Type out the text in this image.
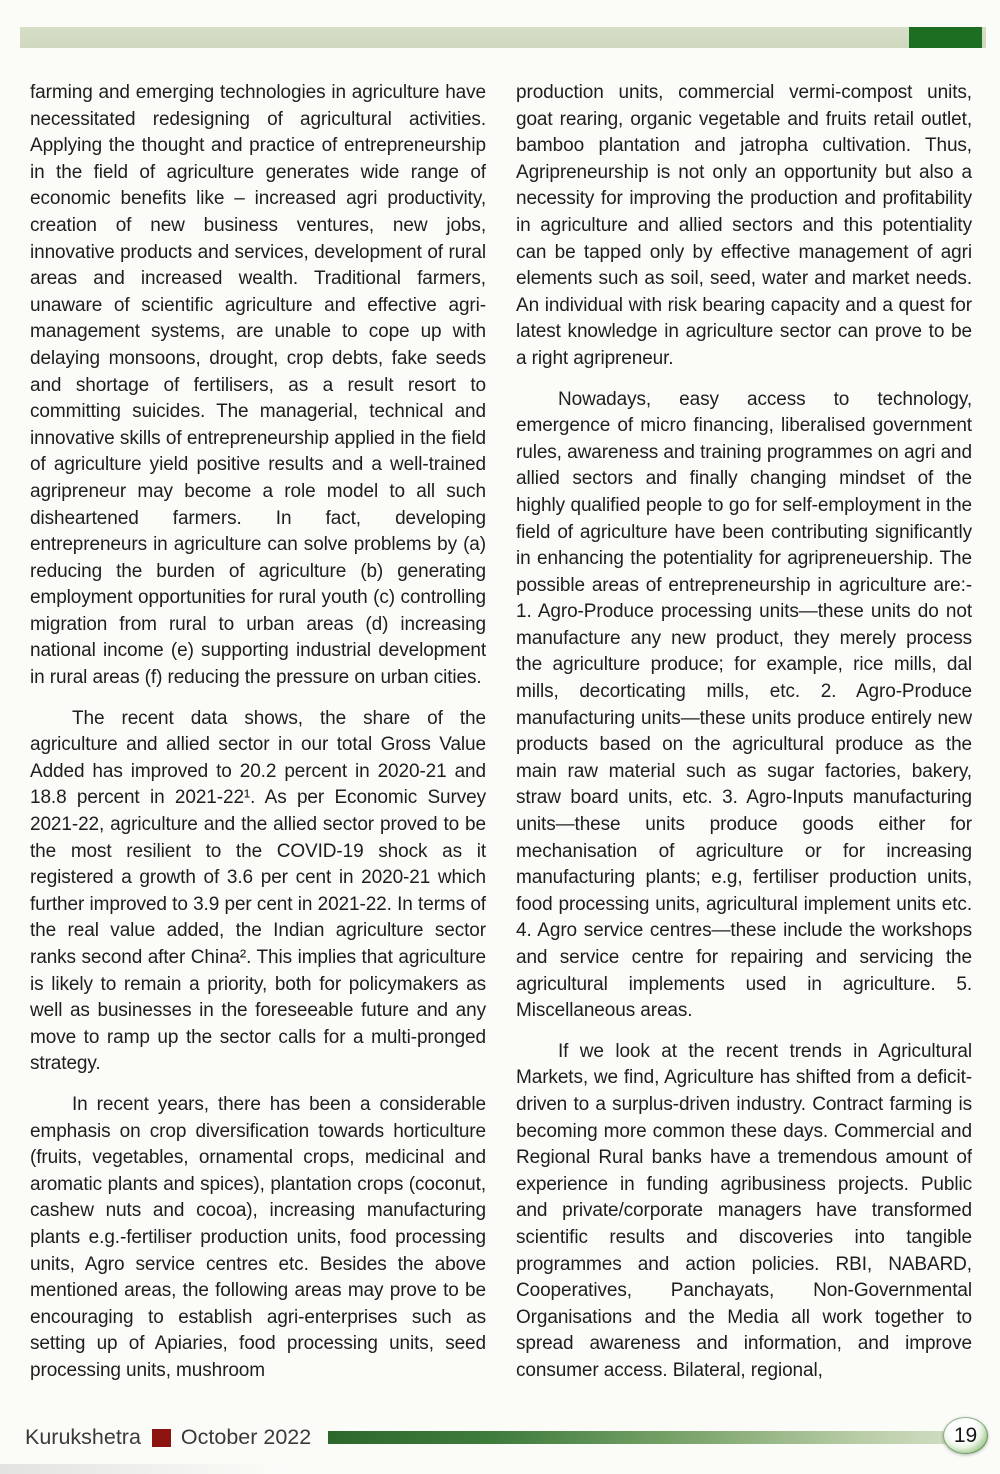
farming and emerging technologies in agriculture have necessitated redesigning of agricultural activities. Applying the thought and practice of entrepreneurship in the field of agriculture generates wide range of economic benefits like – increased agri productivity, creation of new business ventures, new jobs, innovative products and services, development of rural areas and increased wealth. Traditional farmers, unaware of scientific agriculture and effective agri-management systems, are unable to cope up with delaying monsoons, drought, crop debts, fake seeds and shortage of fertilisers, as a result resort to committing suicides. The managerial, technical and innovative skills of entrepreneurship applied in the field of agriculture yield positive results and a well-trained agripreneur may become a role model to all such disheartened farmers. In fact, developing entrepreneurs in agriculture can solve problems by (a) reducing the burden of agriculture (b) generating employment opportunities for rural youth (c) controlling migration from rural to urban areas (d) increasing national income (e) supporting industrial development in rural areas (f) reducing the pressure on urban cities.

The recent data shows, the share of the agriculture and allied sector in our total Gross Value Added has improved to 20.2 percent in 2020-21 and 18.8 percent in 2021-22¹. As per Economic Survey 2021-22, agriculture and the allied sector proved to be the most resilient to the COVID-19 shock as it registered a growth of 3.6 per cent in 2020-21 which further improved to 3.9 per cent in 2021-22. In terms of the real value added, the Indian agriculture sector ranks second after China². This implies that agriculture is likely to remain a priority, both for policymakers as well as businesses in the foreseeable future and any move to ramp up the sector calls for a multi-pronged strategy.

In recent years, there has been a considerable emphasis on crop diversification towards horticulture (fruits, vegetables, ornamental crops, medicinal and aromatic plants and spices), plantation crops (coconut, cashew nuts and cocoa), increasing manufacturing plants e.g.-fertiliser production units, food processing units, Agro service centres etc. Besides the above mentioned areas, the following areas may prove to be encouraging to establish agri-enterprises such as setting up of Apiaries, food processing units, seed processing units, mushroom

production units, commercial vermi-compost units, goat rearing, organic vegetable and fruits retail outlet, bamboo plantation and jatropha cultivation. Thus, Agripreneurship is not only an opportunity but also a necessity for improving the production and profitability in agriculture and allied sectors and this potentiality can be tapped only by effective management of agri elements such as soil, seed, water and market needs. An individual with risk bearing capacity and a quest for latest knowledge in agriculture sector can prove to be a right agripreneur.

Nowadays, easy access to technology, emergence of micro financing, liberalised government rules, awareness and training programmes on agri and allied sectors and finally changing mindset of the highly qualified people to go for self-employment in the field of agriculture have been contributing significantly in enhancing the potentiality for agripreneuership. The possible areas of entrepreneurship in agriculture are:- 1. Agro-Produce processing units—these units do not manufacture any new product, they merely process the agriculture produce; for example, rice mills, dal mills, decorticating mills, etc. 2. Agro-Produce manufacturing units—these units produce entirely new products based on the agricultural produce as the main raw material such as sugar factories, bakery, straw board units, etc. 3. Agro-Inputs manufacturing units—these units produce goods either for mechanisation of agriculture or for increasing manufacturing plants; e.g, fertiliser production units, food processing units, agricultural implement units etc. 4. Agro service centres—these include the workshops and service centre for repairing and servicing the agricultural implements used in agriculture. 5. Miscellaneous areas.

If we look at the recent trends in Agricultural Markets, we find, Agriculture has shifted from a deficit-driven to a surplus-driven industry. Contract farming is becoming more common these days. Commercial and Regional Rural banks have a tremendous amount of experience in funding agribusiness projects. Public and private/corporate managers have transformed scientific results and discoveries into tangible programmes and action policies. RBI, NABARD, Cooperatives, Panchayats, Non-Governmental Organisations and the Media all work together to spread awareness and information, and improve consumer access. Bilateral, regional,

Kurukshetra October 2022	19
